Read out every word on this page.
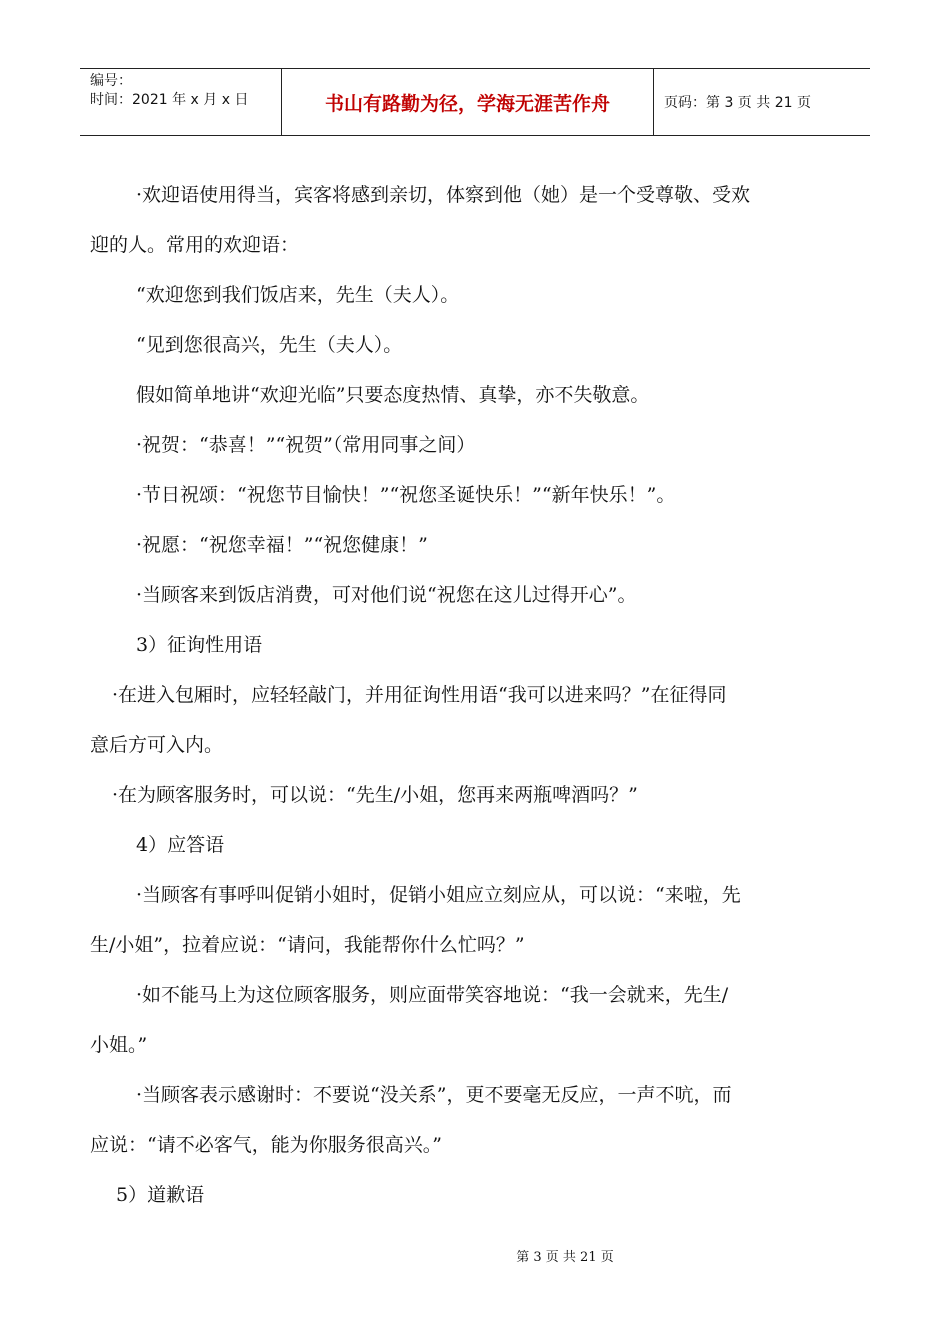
编号：
时间：2021 年 x 月 x 日	书山有路勤为径，学海无涯苦作舟	页码：第 3 页 共 21 页
·欢迎语使用得当，宾客将感到亲切，体察到他（她）是一个受尊敬、受欢
迎的人。常用的欢迎语：
“欢迎您到我们饭店来，先生（夫人）。
“见到您很高兴，先生（夫人）。
假如简单地讲“欢迎光临”只要态度热情、真挚，亦不失敬意。
·祝贺：“恭喜！”“祝贺”（常用同事之间）
·节日祝颂：“祝您节目愉快！”“祝您圣诞快乐！”“新年快乐！”。
·祝愿：“祝您幸福！”“祝您健康！”
·当顾客来到饭店消费，可对他们说“祝您在这儿过得开心”。
3）征询性用语
·在进入包厢时，应轻轻敲门，并用征询性用语“我可以进来吗？”在征得同
意后方可入内。
·在为顾客服务时，可以说：“先生/小姐，您再来两瓶啤酒吗？”
4）应答语
·当顾客有事呼叫促销小姐时，促销小姐应立刻应从，可以说：“来啦，先
生/小姐”，拉着应说：“请问，我能帮你什么忙吗？”
·如不能马上为这位顾客服务，则应面带笑容地说：“我一会就来，先生/
小姐。”
·当顾客表示感谢时：不要说“没关系”，更不要毫无反应，一声不吭，而
应说：“请不必客气，能为你服务很高兴。”
5）道歉语
第 3 页 共 21 页
